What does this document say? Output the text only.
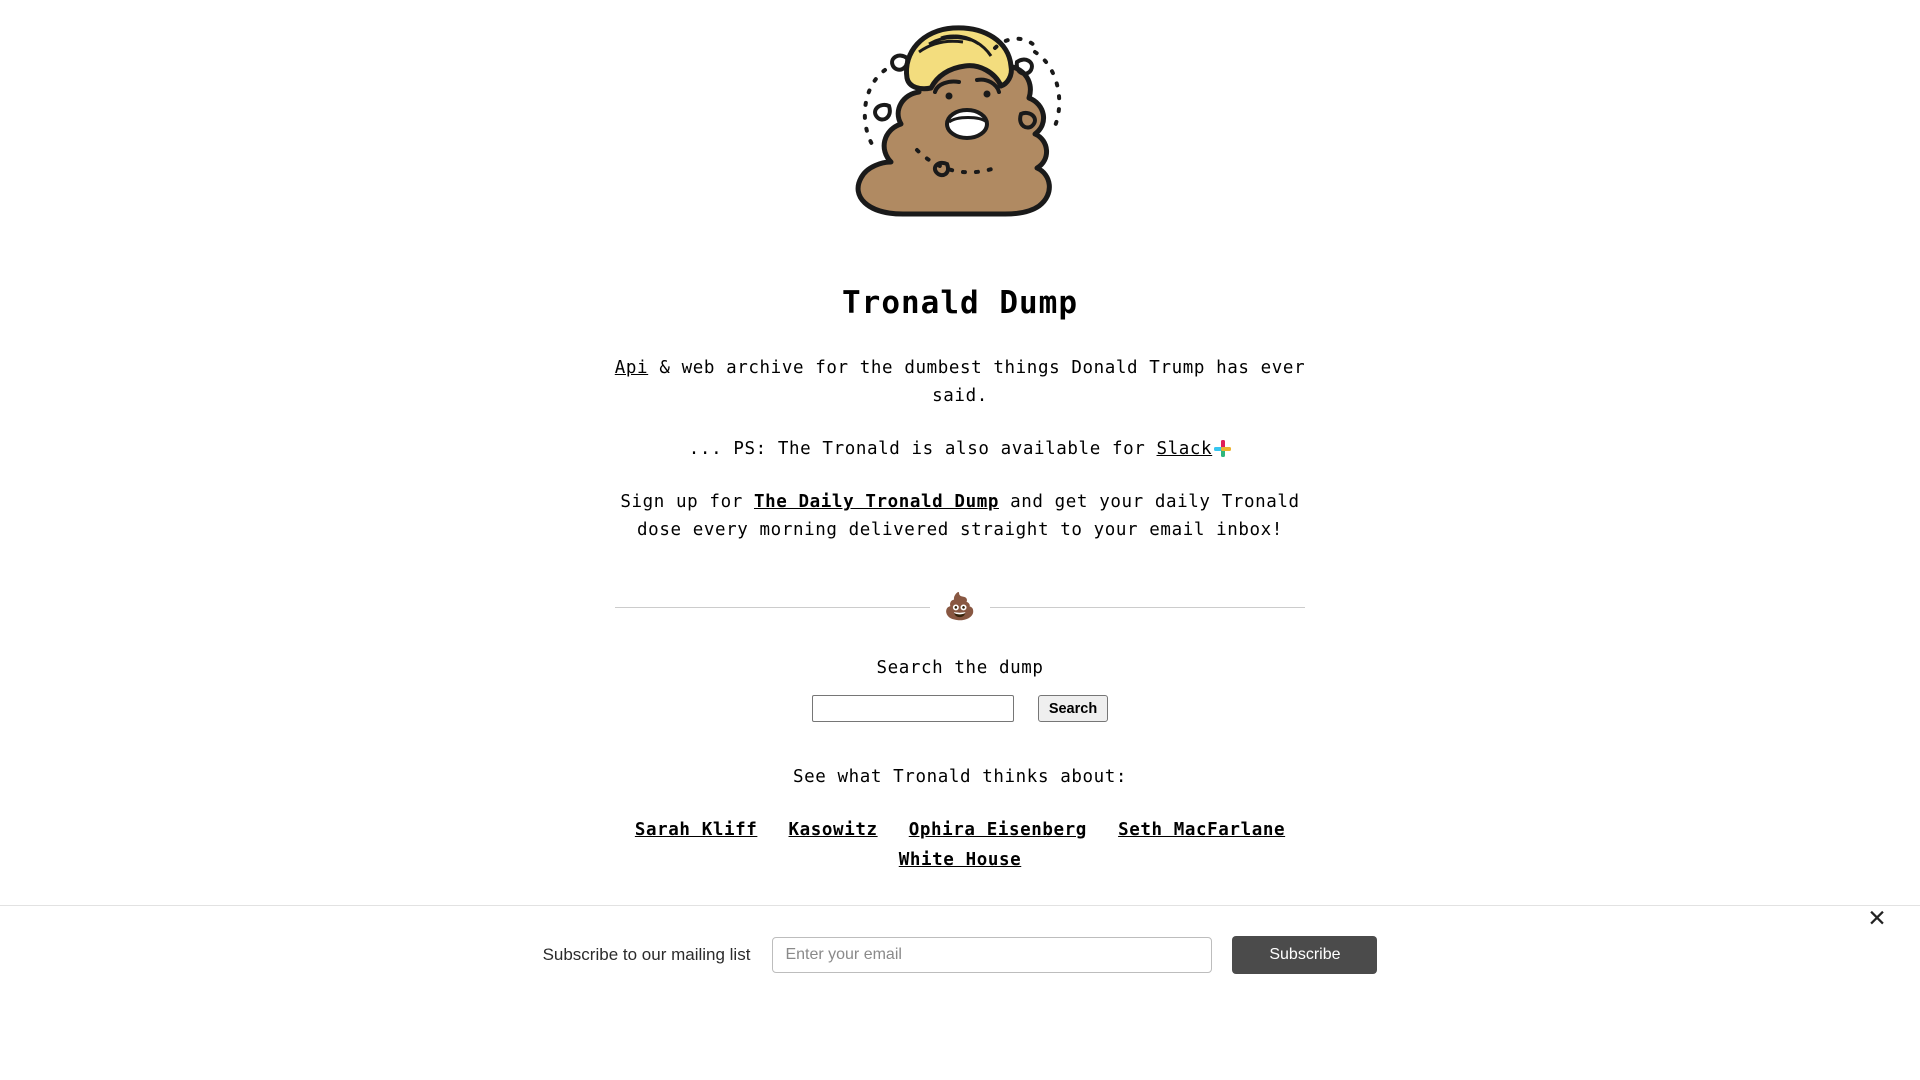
Tronald Dump

Api & web archive for the dumbest things Donald Trump has ever said.

... PS: The Tronald is also available for Slack

Sign up for The Daily Tronald Dump and get your daily Tronald dose every morning delivered straight to your email inbox!

💩
Search the dump
Search
See what Tronald thinks about:
Sarah Kliff Kasowitz Ophira Eisenberg Seth MacFarlane White House
Subscribe to our mailing list
Enter your email	Subscribe
✕
